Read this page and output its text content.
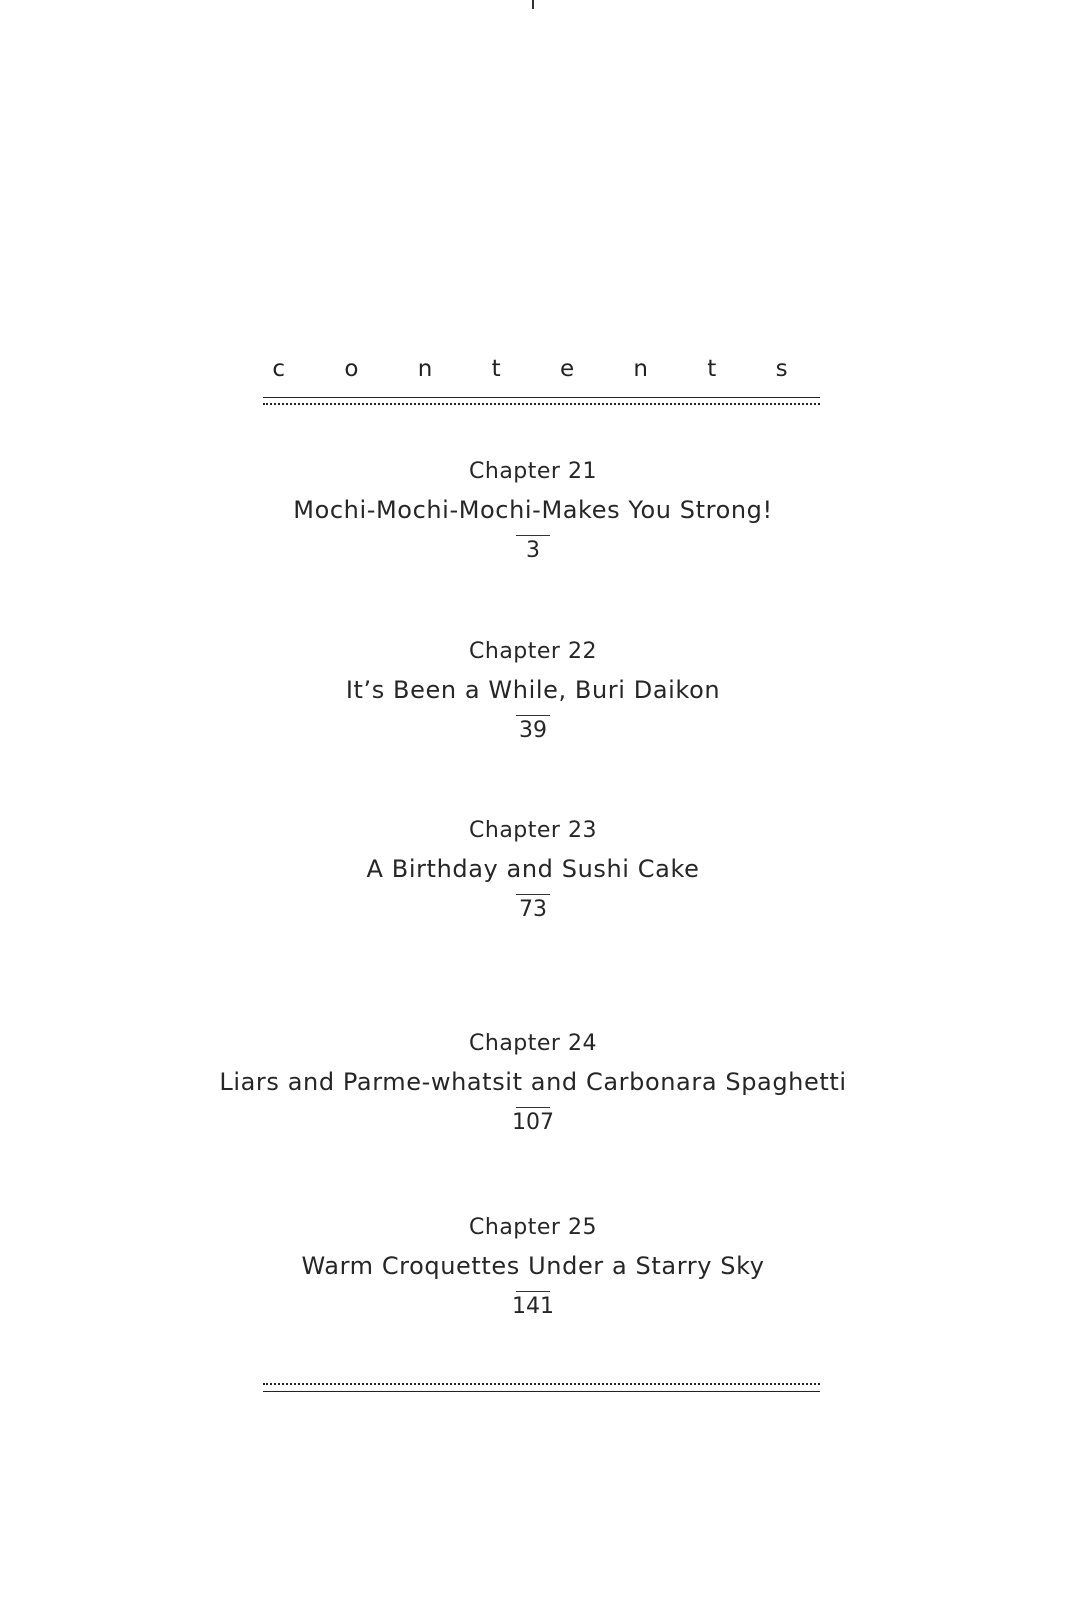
c o n t e n t s
Chapter 21
Mochi-Mochi-Mochi-Makes You Strong!
3
Chapter 22
It’s Been a While, Buri Daikon
39
Chapter 23
A Birthday and Sushi Cake
73
Chapter 24
Liars and Parme-whatsit and Carbonara Spaghetti
107
Chapter 25
Warm Croquettes Under a Starry Sky
141
